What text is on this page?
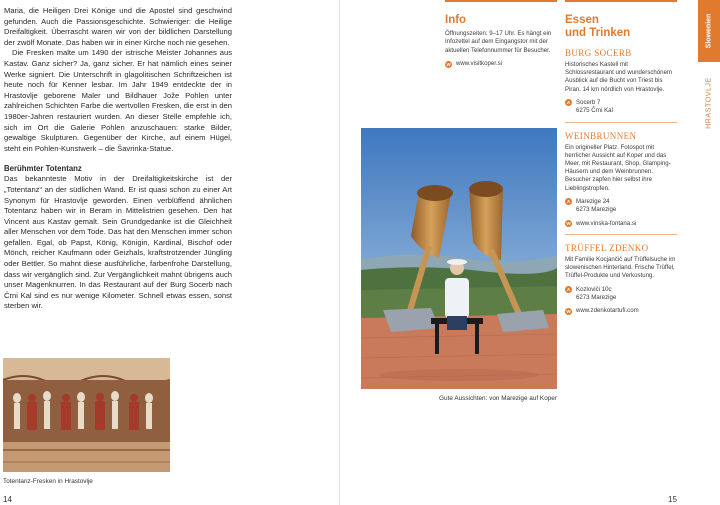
Maria, die Heiligen Drei Könige und die Apostel sind geschwind gefunden. Auch die Passionsgeschichte. Schwieriger: die Heilige Dreifaltigkeit. Überrascht waren wir von der bildlichen Darstellung der zwölf Monate. Das haben wir in einer Kirche noch nie gesehen.

Die Fresken malte um 1490 der istrische Meister Johannes aus Kastav. Ganz sicher? Ja, ganz sicher. Er hat nämlich eines seiner Werke signiert. Die Unterschrift in glagolitischen Schriftzeichen ist heute noch für Kenner lesbar. Im Jahr 1949 entdeckte der in Hrastovlje geborene Maler und Bildhauer Jože Pohlen unter zahlreichen Schichten Farbe die wertvollen Fresken, die erst in den 1980er-Jahren restauriert wurden. An dieser Stelle empfehle ich, sich im Ort die Galerie Pohlen anzuschauen: starke Bilder, gewaltige Skulpturen. Gegenüber der Kirche, auf einem Hügel, steht ein Pohlen-Kunstwerk – die Šavrinka-Statue.

Berühmter Totentanz

Das bekannteste Motiv in der Dreifaltigkeitskirche ist der „Totentanz“ an der südlichen Wand. Er ist quasi schon zu einer Art Synonym für Hrastovlje geworden. Einen verblüffend ähnlichen Totentanz haben wir in Beram in Mittelistrien gesehen. Den hat Vincent aus Kastav gemalt. Sein Grundgedanke ist die Gleichheit aller Menschen vor dem Tode. Das hat den Menschen immer schon gefallen. Egal, ob Papst, König, Königin, Kardinal, Bischof oder Mönch, reicher Kaufmann oder Geizhals, kraftstrotzender Jüngling oder Bettler. So mahnt diese ausführliche, farbenfrohe Darstellung, dass wir vergänglich sind. Zur Vergänglichkeit mahnt übrigens auch unser Magenknurren. In das Restaurant auf der Burg Socerb nach Črni Kal sind es nur wenige Kilometer. Schnell etwas essen, sonst sterben wir.

Totentanz-Fresken in Hrastovlje
14
Gute Aussichten: von Marezige auf Koper
Info
Öffnungszeiten: 9–17 Uhr. Es hängt ein Infozettel auf dem Eingangstor mit der aktuellen Telefonnummer für Besucher.
W www.visitkoper.si
Essen
und Trinken
BURG SOCERB
Historisches Kastell mit Schlossrestaurant und wunderschönem Ausblick auf die Bucht von Triest bis Piran. 14 km nördlich von Hrastovlje.
A Socerb 7
6275 Črni Kal
WEINBRUNNEN
Ein origineller Platz. Fotospot mit herrlicher Aussicht auf Koper und das Meer, mit Restaurant, Shop, Glamping-Häusern und dem Weinbrunnen. Besucher zapfen hier selbst ihre Lieblingstropfen.
A Marezige 24
6273 Marezige
W www.vinska-fontana.si
TRÜFFEL ZDENKO
Mit Familie Kocjančič auf Trüffelsuche im slowenischen Hinterland. Frische Trüffel, Trüffel-Produkte und Verkostung.
A Kozloviči 10c
6273 Marezige
W www.zdenkotartufi.com
Slowenien
HRASTOVLJE
15
